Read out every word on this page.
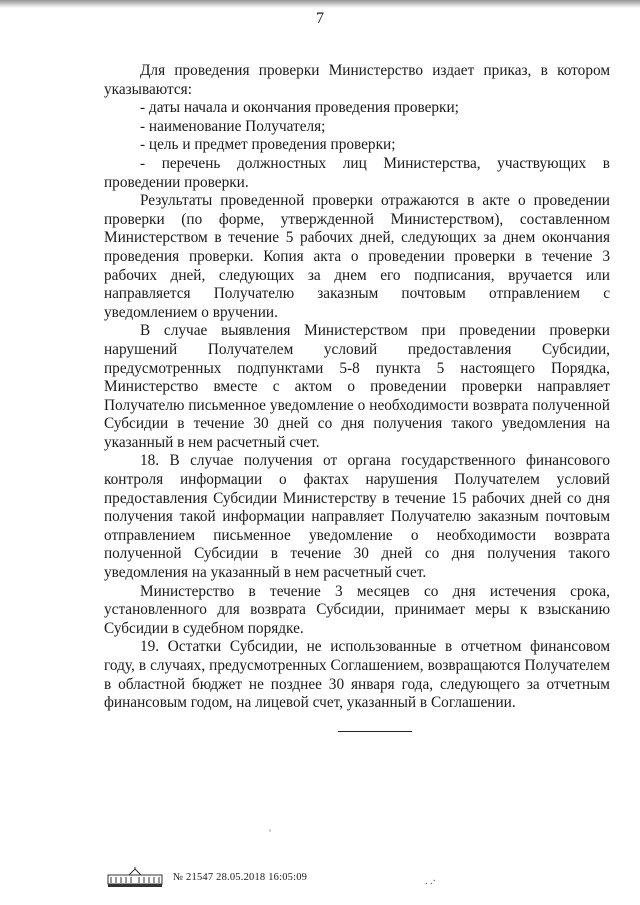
7

Для проведения проверки Министерство издает приказ, в котором указываются:

- даты начала и окончания проведения проверки;

- наименование Получателя;

- цель и предмет проведения проверки;

- перечень должностных лиц Министерства, участвующих в проведении проверки.

Результаты проведенной проверки отражаются в акте о проведении проверки (по форме, утвержденной Министерством), составленном Министерством в течение 5 рабочих дней, следующих за днем окончания проведения проверки. Копия акта о проведении проверки в течение 3 рабочих дней, следующих за днем его подписания, вручается или направляется Получателю заказным почтовым отправлением с уведомлением о вручении.

В случае выявления Министерством при проведении проверки нарушений Получателем условий предоставления Субсидии, предусмотренных подпунктами 5-8 пункта 5 настоящего Порядка, Министерство вместе с актом о проведении проверки направляет Получателю письменное уведомление о необходимости возврата полученной Субсидии в течение 30 дней со дня получения такого уведомления на указанный в нем расчетный счет.

18. В случае получения от органа государственного финансового контроля информации о фактах нарушения Получателем условий предоставления Субсидии Министерству в течение 15 рабочих дней со дня получения такой информации направляет Получателю заказным почтовым отправлением письменное уведомление о необходимости возврата полученной Субсидии в течение 30 дней со дня получения такого уведомления на указанный в нем расчетный счет.

Министерство в течение 3 месяцев со дня истечения срока, установленного для возврата Субсидии, принимает меры к взысканию Субсидии в судебном порядке.

19. Остатки Субсидии, не использованные в отчетном финансовом году, в случаях, предусмотренных Соглашением, возвращаются Получателем в областной бюджет не позднее 30 января года, следующего за отчетным финансовым годом, на лицевой счет, указанный в Соглашении.

ˌ
№ 21547 28.05.2018 16:05:09	. .·
